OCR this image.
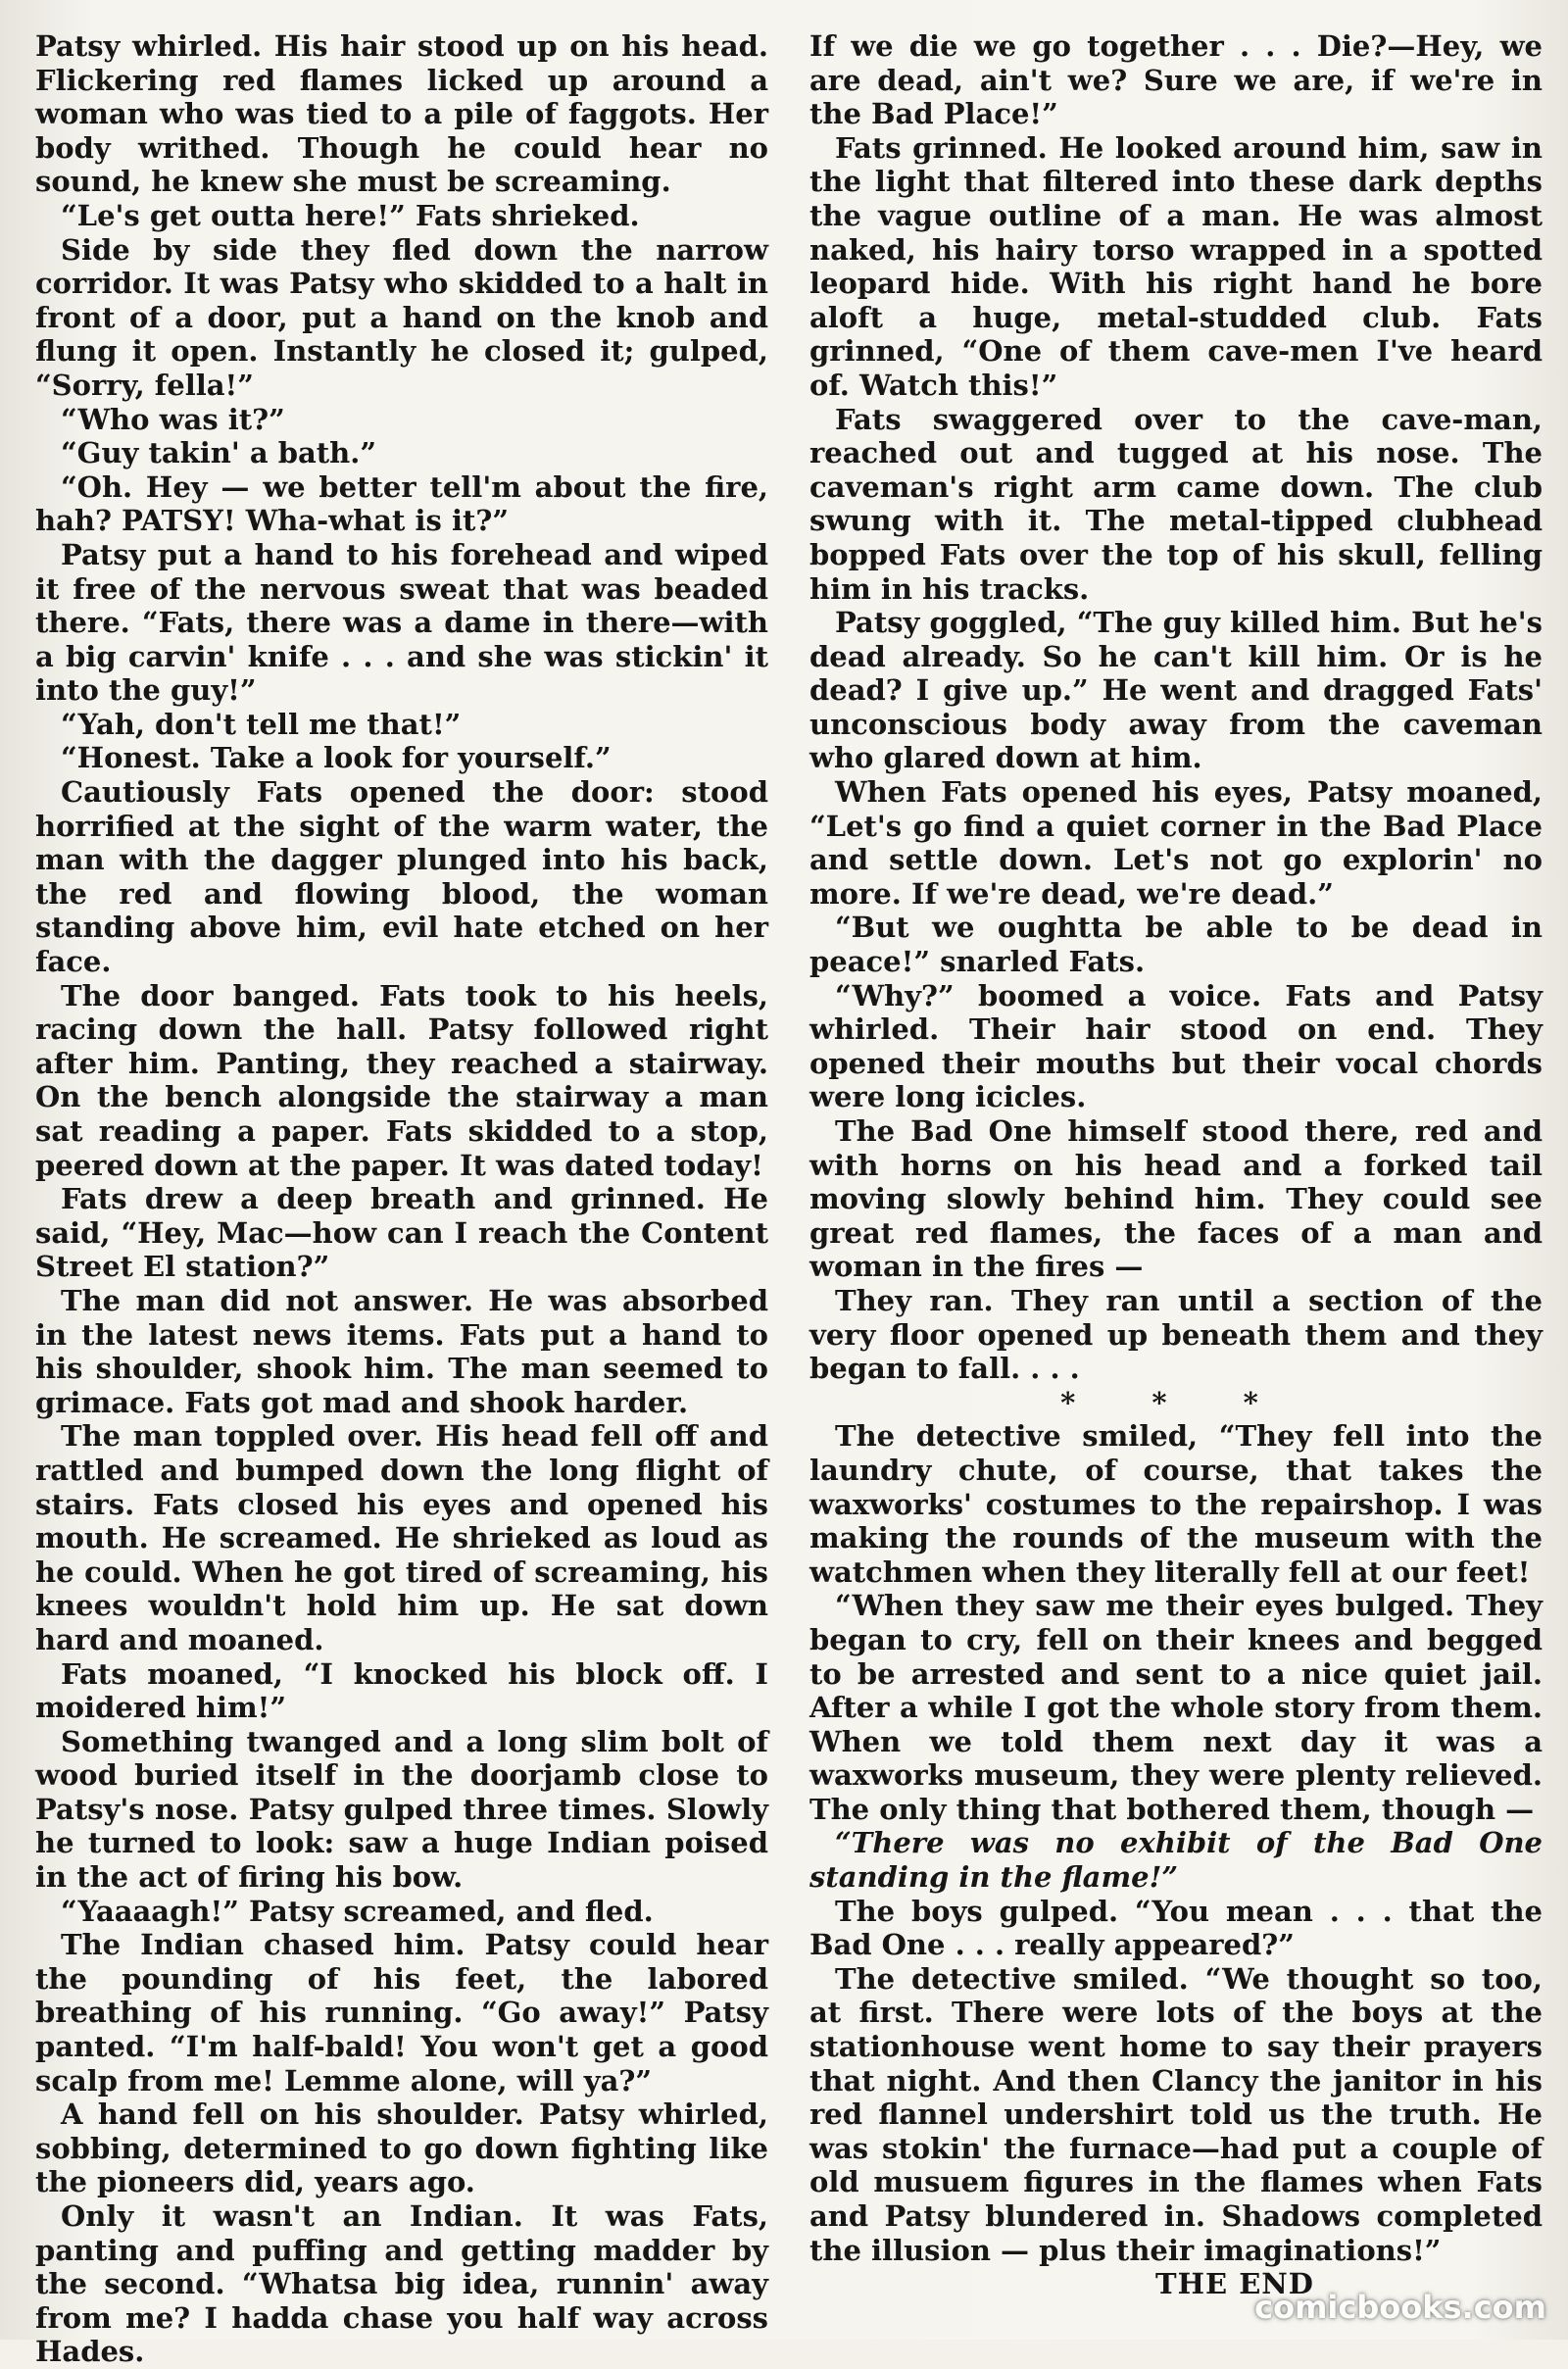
Patsy whirled. His hair stood up on his head. Flickering red flames licked up around a woman who was tied to a pile of faggots. Her body writhed. Though he could hear no sound, he knew she must be screaming.

“Le's get outta here!” Fats shrieked.

Side by side they fled down the narrow corridor. It was Patsy who skidded to a halt in front of a door, put a hand on the knob and flung it open. Instantly he closed it; gulped, “Sorry, fella!”

“Who was it?”

“Guy takin' a bath.”

“Oh. Hey — we better tell'm about the fire, hah? PATSY! Wha-what is it?”

Patsy put a hand to his forehead and wiped it free of the nervous sweat that was beaded there. “Fats, there was a dame in there—with a big carvin' knife . . . and she was stickin' it into the guy!”

“Yah, don't tell me that!”

“Honest. Take a look for yourself.”

Cautiously Fats opened the door: stood horrified at the sight of the warm water, the man with the dagger plunged into his back, the red and flowing blood, the woman standing above him, evil hate etched on her face.

The door banged. Fats took to his heels, racing down the hall. Patsy followed right after him. Panting, they reached a stairway. On the bench alongside the stairway a man sat reading a paper. Fats skidded to a stop, peered down at the paper. It was dated today!

Fats drew a deep breath and grinned. He said, “Hey, Mac—how can I reach the Content Street El station?”

The man did not answer. He was absorbed in the latest news items. Fats put a hand to his shoulder, shook him. The man seemed to grimace. Fats got mad and shook harder.

The man toppled over. His head fell off and rattled and bumped down the long flight of stairs. Fats closed his eyes and opened his mouth. He screamed. He shrieked as loud as he could. When he got tired of screaming, his knees wouldn't hold him up. He sat down hard and moaned.

Fats moaned, “I knocked his block off. I moidered him!”

Something twanged and a long slim bolt of wood buried itself in the doorjamb close to Patsy's nose. Patsy gulped three times. Slowly he turned to look: saw a huge Indian poised in the act of firing his bow.

“Yaaaagh!” Patsy screamed, and fled.

The Indian chased him. Patsy could hear the pounding of his feet, the labored breathing of his running. “Go away!” Patsy panted. “I'm half-bald! You won't get a good scalp from me! Lemme alone, will ya?”

A hand fell on his shoulder. Patsy whirled, sobbing, determined to go down fighting like the pioneers did, years ago.

Only it wasn't an Indian. It was Fats, panting and puffing and getting madder by the second. “Whatsa big idea, runnin' away from me? I hadda chase you half way across Hades.

If we die we go together . . . Die?—Hey, we are dead, ain't we? Sure we are, if we're in the Bad Place!”

Fats grinned. He looked around him, saw in the light that filtered into these dark depths the vague outline of a man. He was almost naked, his hairy torso wrapped in a spotted leopard hide. With his right hand he bore aloft a huge, metal-studded club. Fats grinned, “One of them cave-men I've heard of. Watch this!”

Fats swaggered over to the cave-man, reached out and tugged at his nose. The caveman's right arm came down. The club swung with it. The metal-tipped clubhead bopped Fats over the top of his skull, felling him in his tracks.

Patsy goggled, “The guy killed him. But he's dead already. So he can't kill him. Or is he dead? I give up.” He went and dragged Fats' unconscious body away from the caveman who glared down at him.

When Fats opened his eyes, Patsy moaned, “Let's go find a quiet corner in the Bad Place and settle down. Let's not go explorin' no more. If we're dead, we're dead.”

“But we oughtta be able to be dead in peace!” snarled Fats.

“Why?” boomed a voice. Fats and Patsy whirled. Their hair stood on end. They opened their mouths but their vocal chords were long icicles.

The Bad One himself stood there, red and with horns on his head and a forked tail moving slowly behind him. They could see great red flames, the faces of a man and woman in the fires —

They ran. They ran until a section of the very floor opened up beneath them and they began to fall. . . .

* * *

The detective smiled, “They fell into the laundry chute, of course, that takes the waxworks' costumes to the repairshop. I was making the rounds of the museum with the watchmen when they literally fell at our feet!

“When they saw me their eyes bulged. They began to cry, fell on their knees and begged to be arrested and sent to a nice quiet jail. After a while I got the whole story from them. When we told them next day it was a waxworks museum, they were plenty relieved. The only thing that bothered them, though —

“There was no exhibit of the Bad One standing in the flame!”

The boys gulped. “You mean . . . that the Bad One . . . really appeared?”

The detective smiled. “We thought so too, at first. There were lots of the boys at the stationhouse went home to say their prayers that night. And then Clancy the janitor in his red flannel undershirt told us the truth. He was stokin' the furnace—had put a couple of old musuem figures in the flames when Fats and Patsy blundered in. Shadows completed the illusion — plus their imaginations!”

THE END

comicbooks.com
